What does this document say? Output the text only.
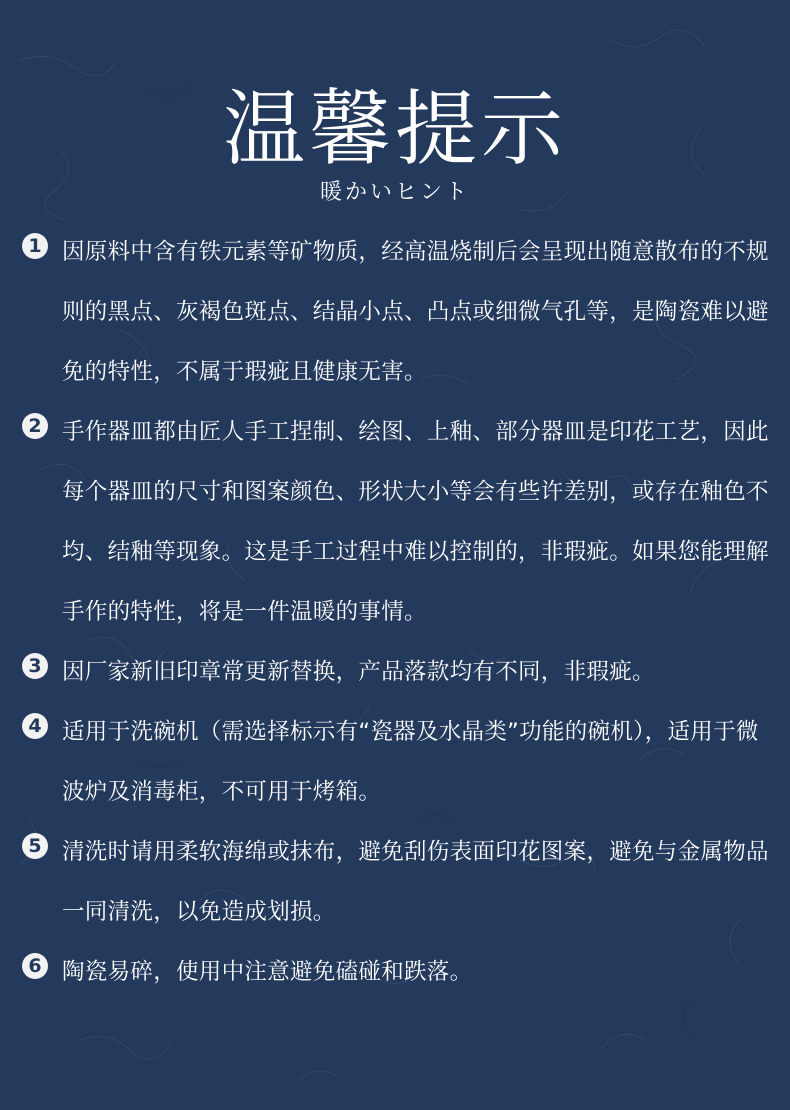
温馨提示
暖かいヒント
1 因原料中含有铁元素等矿物质，经高温烧制后会呈现出随意散布的不规则的黑点、灰褐色斑点、结晶小点、凸点或细微气孔等，是陶瓷难以避免的特性，不属于瑕疵且健康无害。
2 手作器皿都由匠人手工捏制、绘图、上釉、部分器皿是印花工艺，因此每个器皿的尺寸和图案颜色、形状大小等会有些许差别，或存在釉色不均、结釉等现象。这是手工过程中难以控制的，非瑕疵。如果您能理解手作的特性，将是一件温暖的事情。
3 因厂家新旧印章常更新替换，产品落款均有不同，非瑕疵。
4 适用于洗碗机（需选择标示有“瓷器及水晶类”功能的碗机），适用于微波炉及消毒柜，不可用于烤箱。
5 清洗时请用柔软海绵或抹布，避免刮伤表面印花图案，避免与金属物品一同清洗，以免造成划损。
6 陶瓷易碎，使用中注意避免磕碰和跌落。
